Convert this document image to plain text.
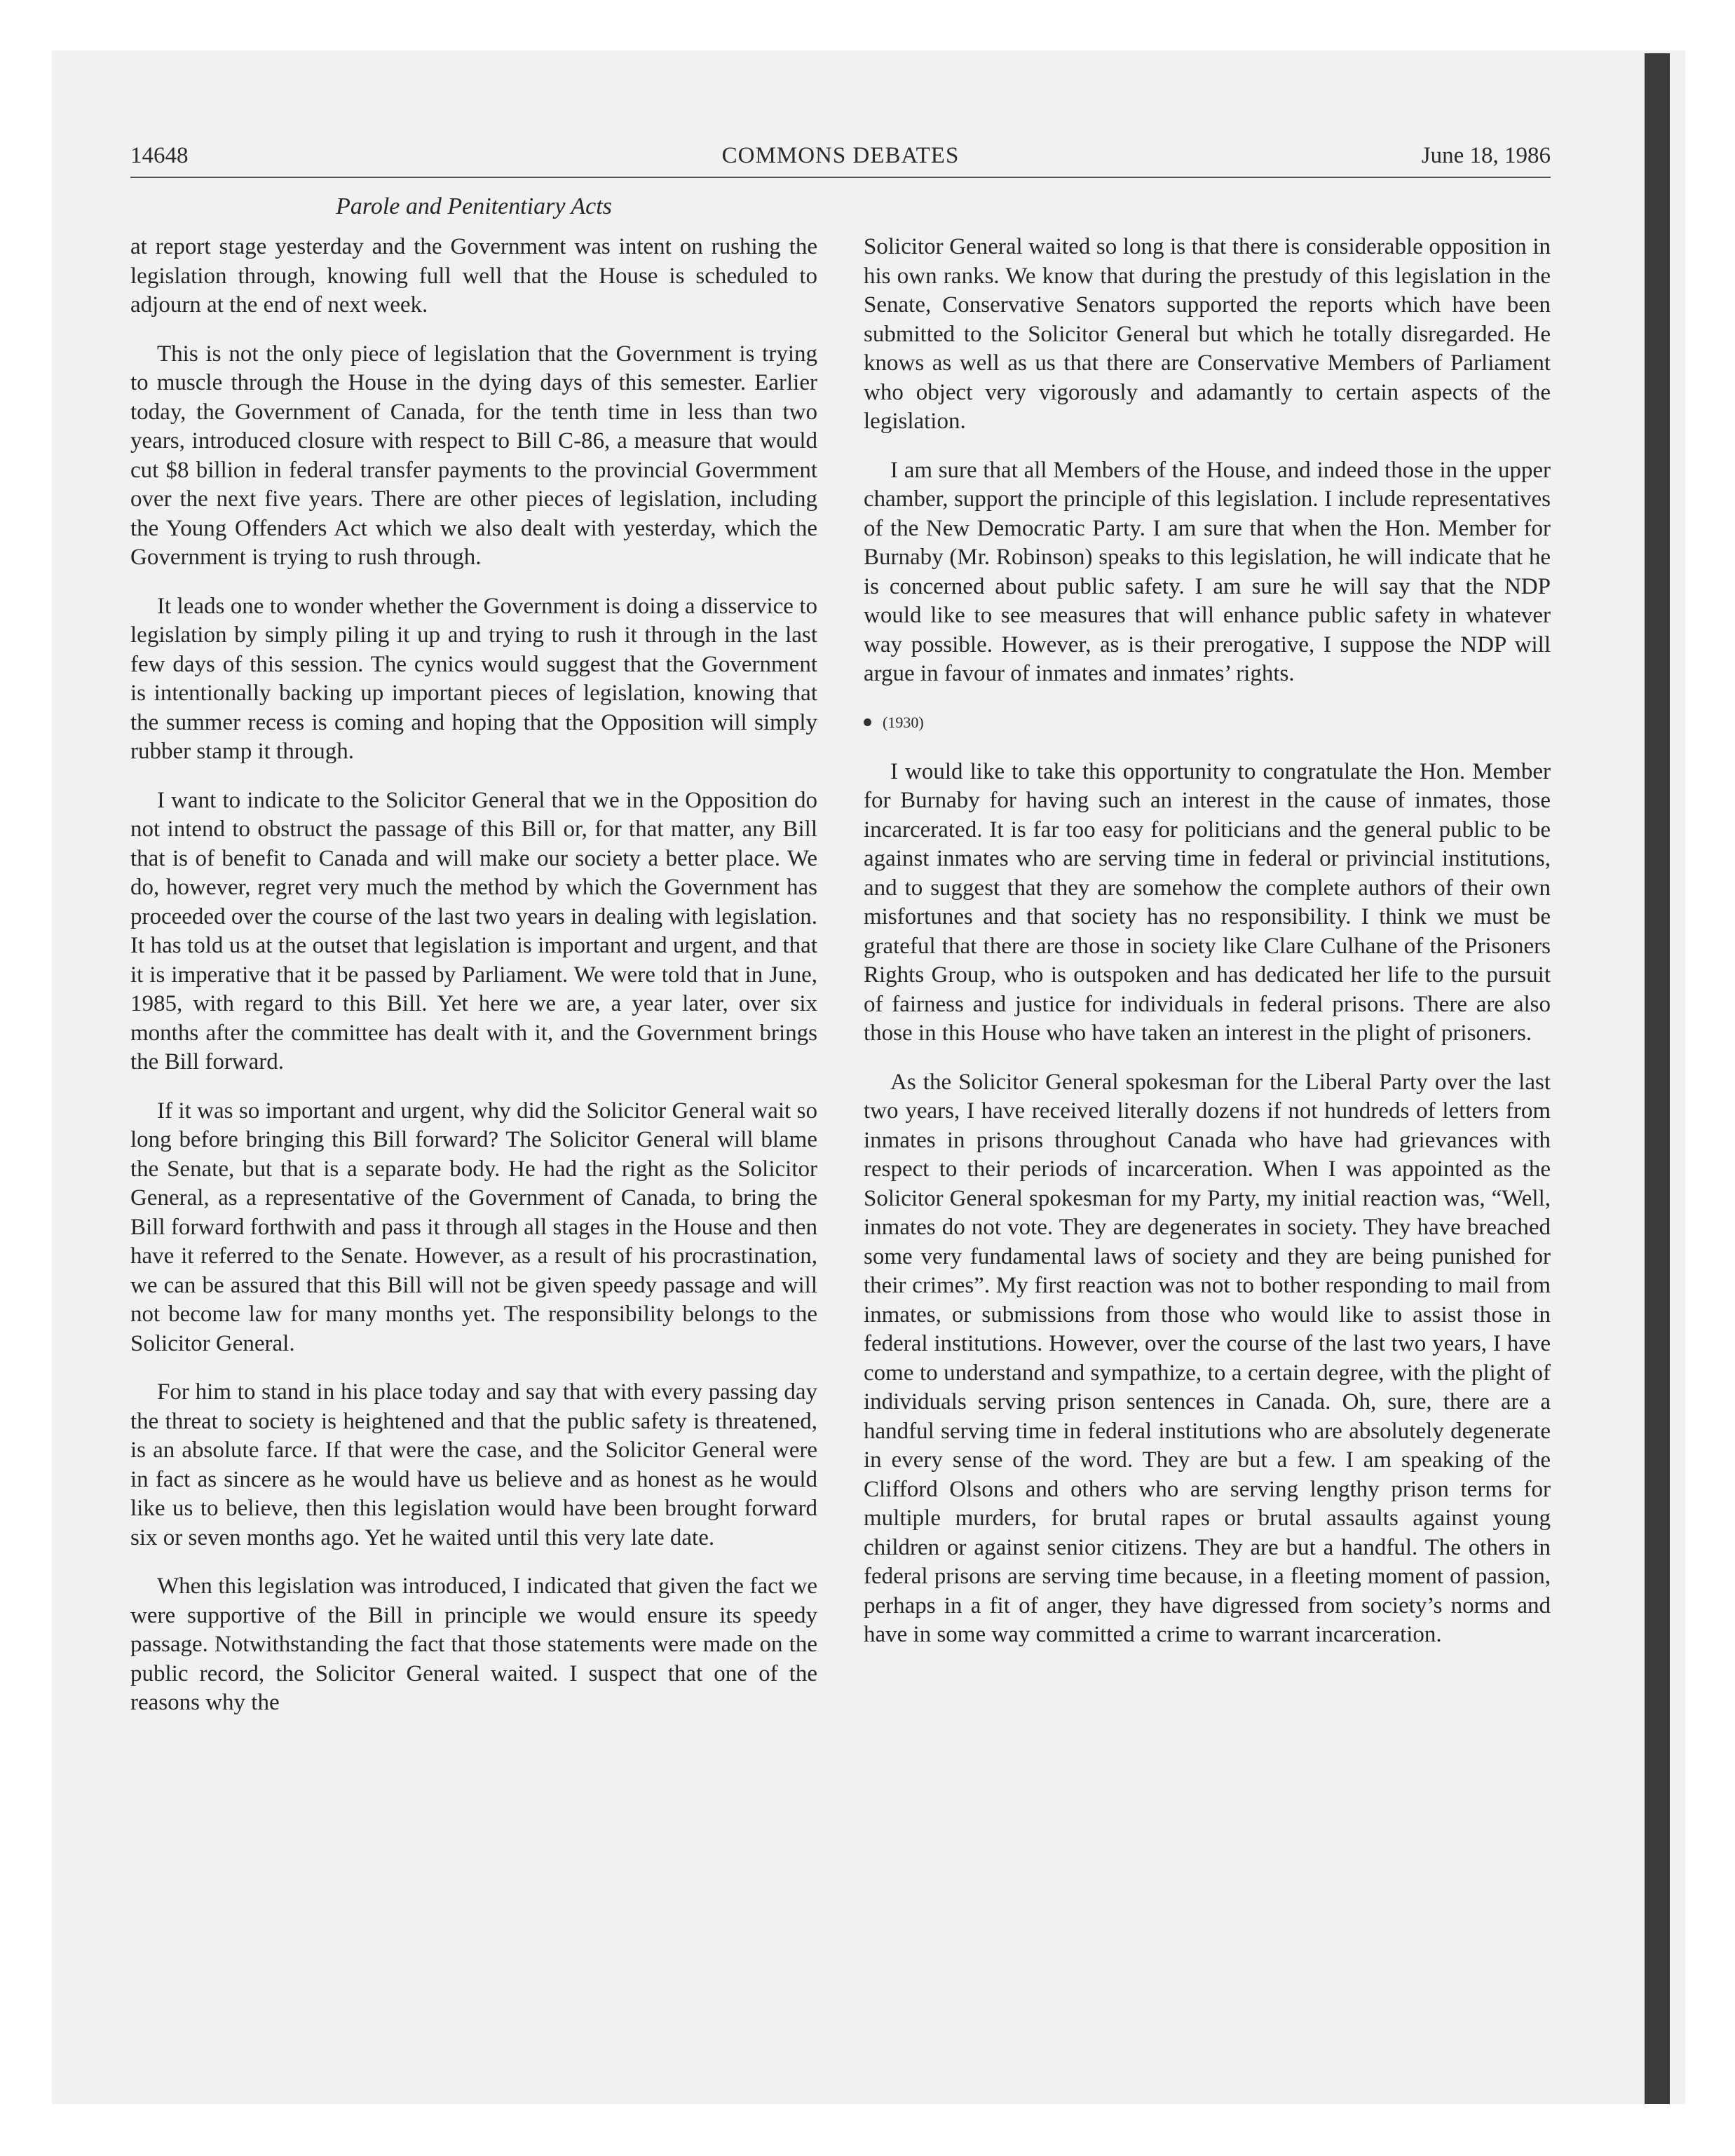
14648	COMMONS DEBATES	June 18, 1986
Parole and Penitentiary Acts

at report stage yesterday and the Government was intent on rushing the legislation through, knowing full well that the House is scheduled to adjourn at the end of next week.

This is not the only piece of legislation that the Government is trying to muscle through the House in the dying days of this semester. Earlier today, the Government of Canada, for the tenth time in less than two years, introduced closure with respect to Bill C-86, a measure that would cut $8 billion in federal transfer payments to the provincial Govermment over the next five years. There are other pieces of legislation, including the Young Offenders Act which we also dealt with yesterday, which the Government is trying to rush through.

It leads one to wonder whether the Government is doing a disservice to legislation by simply piling it up and trying to rush it through in the last few days of this session. The cynics would suggest that the Government is intentionally backing up important pieces of legislation, knowing that the summer recess is coming and hoping that the Opposition will simply rubber stamp it through.

I want to indicate to the Solicitor General that we in the Opposition do not intend to obstruct the passage of this Bill or, for that matter, any Bill that is of benefit to Canada and will make our society a better place. We do, however, regret very much the method by which the Government has proceeded over the course of the last two years in dealing with legislation. It has told us at the outset that legislation is important and urgent, and that it is imperative that it be passed by Parliament. We were told that in June, 1985, with regard to this Bill. Yet here we are, a year later, over six months after the committee has dealt with it, and the Government brings the Bill forward.

If it was so important and urgent, why did the Solicitor General wait so long before bringing this Bill forward? The Solicitor General will blame the Senate, but that is a separate body. He had the right as the Solicitor General, as a representative of the Government of Canada, to bring the Bill forward forthwith and pass it through all stages in the House and then have it referred to the Senate. However, as a result of his procrastination, we can be assured that this Bill will not be given speedy passage and will not become law for many months yet. The responsibility belongs to the Solicitor General.

For him to stand in his place today and say that with every passing day the threat to society is heightened and that the public safety is threatened, is an absolute farce. If that were the case, and the Solicitor General were in fact as sincere as he would have us believe and as honest as he would like us to believe, then this legislation would have been brought forward six or seven months ago. Yet he waited until this very late date.

When this legislation was introduced, I indicated that given the fact we were supportive of the Bill in principle we would ensure its speedy passage. Notwithstanding the fact that those statements were made on the public record, the Solicitor General waited. I suspect that one of the reasons why the

Solicitor General waited so long is that there is considerable opposition in his own ranks. We know that during the prestudy of this legislation in the Senate, Conservative Senators supported the reports which have been submitted to the Solicitor General but which he totally disregarded. He knows as well as us that there are Conservative Members of Parliament who object very vigorously and adamantly to certain aspects of the legislation.

I am sure that all Members of the House, and indeed those in the upper chamber, support the principle of this legislation. I include representatives of the New Democratic Party. I am sure that when the Hon. Member for Burnaby (Mr. Robinson) speaks to this legislation, he will indicate that he is concerned about public safety. I am sure he will say that the NDP would like to see measures that will enhance public safety in whatever way possible. However, as is their prerogative, I suppose the NDP will argue in favour of inmates and inmates’ rights.

(1930)

I would like to take this opportunity to congratulate the Hon. Member for Burnaby for having such an interest in the cause of inmates, those incarcerated. It is far too easy for politicians and the general public to be against inmates who are serving time in federal or privincial institutions, and to suggest that they are somehow the complete authors of their own misfortunes and that society has no responsibility. I think we must be grateful that there are those in society like Clare Culhane of the Prisoners Rights Group, who is outspoken and has dedicated her life to the pursuit of fairness and justice for individuals in federal prisons. There are also those in this House who have taken an interest in the plight of prisoners.

As the Solicitor General spokesman for the Liberal Party over the last two years, I have received literally dozens if not hundreds of letters from inmates in prisons throughout Canada who have had grievances with respect to their periods of incarceration. When I was appointed as the Solicitor General spokesman for my Party, my initial reaction was, “Well, inmates do not vote. They are degenerates in society. They have breached some very fundamental laws of society and they are being punished for their crimes”. My first reaction was not to bother responding to mail from inmates, or submissions from those who would like to assist those in federal institutions. However, over the course of the last two years, I have come to understand and sympathize, to a certain degree, with the plight of individuals serving prison sentences in Canada. Oh, sure, there are a handful serving time in federal institutions who are absolutely degenerate in every sense of the word. They are but a few. I am speaking of the Clifford Olsons and others who are serving lengthy prison terms for multiple murders, for brutal rapes or brutal assaults against young children or against senior citizens. They are but a handful. The others in federal prisons are serving time because, in a fleeting moment of passion, perhaps in a fit of anger, they have digressed from society’s norms and have in some way committed a crime to warrant incarceration.
